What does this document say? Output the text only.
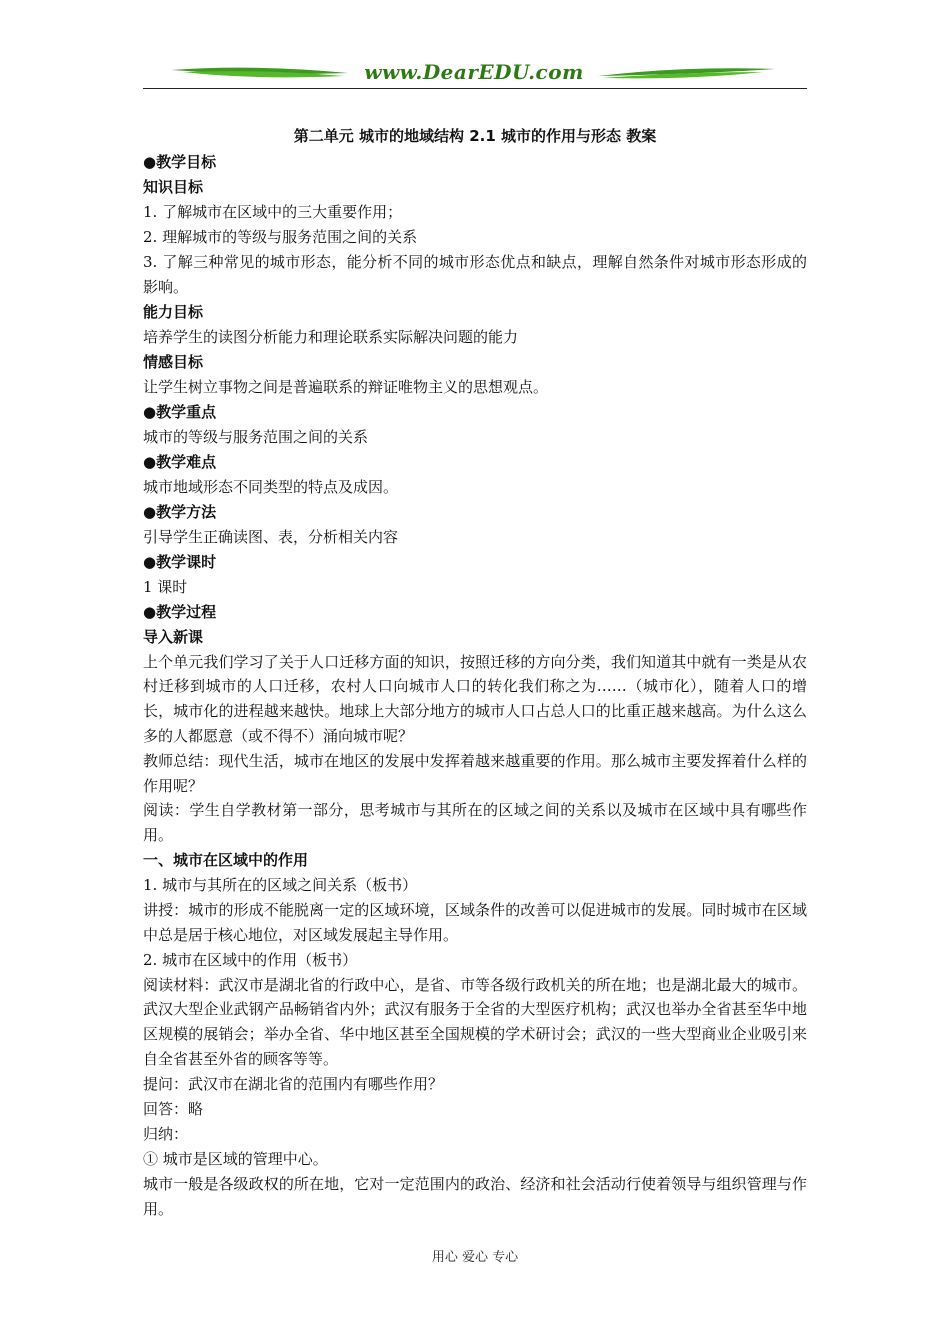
www.DearEDU.com
第二单元 城市的地域结构 2.1 城市的作用与形态 教案
●教学目标
知识目标
1. 了解城市在区域中的三大重要作用；
2. 理解城市的等级与服务范围之间的关系
3. 了解三种常见的城市形态，能分析不同的城市形态优点和缺点，理解自然条件对城市形态形成的影响。
能力目标
培养学生的读图分析能力和理论联系实际解决问题的能力
情感目标
让学生树立事物之间是普遍联系的辩证唯物主义的思想观点。
●教学重点
城市的等级与服务范围之间的关系
●教学难点
城市地域形态不同类型的特点及成因。
●教学方法
引导学生正确读图、表，分析相关内容
●教学课时
1 课时
●教学过程
导入新课
上个单元我们学习了关于人口迁移方面的知识，按照迁移的方向分类，我们知道其中就有一类是从农村迁移到城市的人口迁移，农村人口向城市人口的转化我们称之为……（城市化），随着人口的增长，城市化的进程越来越快。地球上大部分地方的城市人口占总人口的比重正越来越高。为什么这么多的人都愿意（或不得不）涌向城市呢？
教师总结：现代生活，城市在地区的发展中发挥着越来越重要的作用。那么城市主要发挥着什么样的作用呢？
阅读：学生自学教材第一部分，思考城市与其所在的区域之间的关系以及城市在区域中具有哪些作用。
一、城市在区域中的作用
1. 城市与其所在的区域之间关系（板书）
讲授：城市的形成不能脱离一定的区域环境，区域条件的改善可以促进城市的发展。同时城市在区域中总是居于核心地位，对区域发展起主导作用。
2. 城市在区域中的作用（板书）
阅读材料：武汉市是湖北省的行政中心，是省、市等各级行政机关的所在地；也是湖北最大的城市。武汉大型企业武钢产品畅销省内外；武汉有服务于全省的大型医疗机构；武汉也举办全省甚至华中地区规模的展销会；举办全省、华中地区甚至全国规模的学术研讨会；武汉的一些大型商业企业吸引来自全省甚至外省的顾客等等。
提问：武汉市在湖北省的范围内有哪些作用？
回答：略
归纳：
① 城市是区域的管理中心。
城市一般是各级政权的所在地，它对一定范围内的政治、经济和社会活动行使着领导与组织管理与作用。
用心 爱心 专心
